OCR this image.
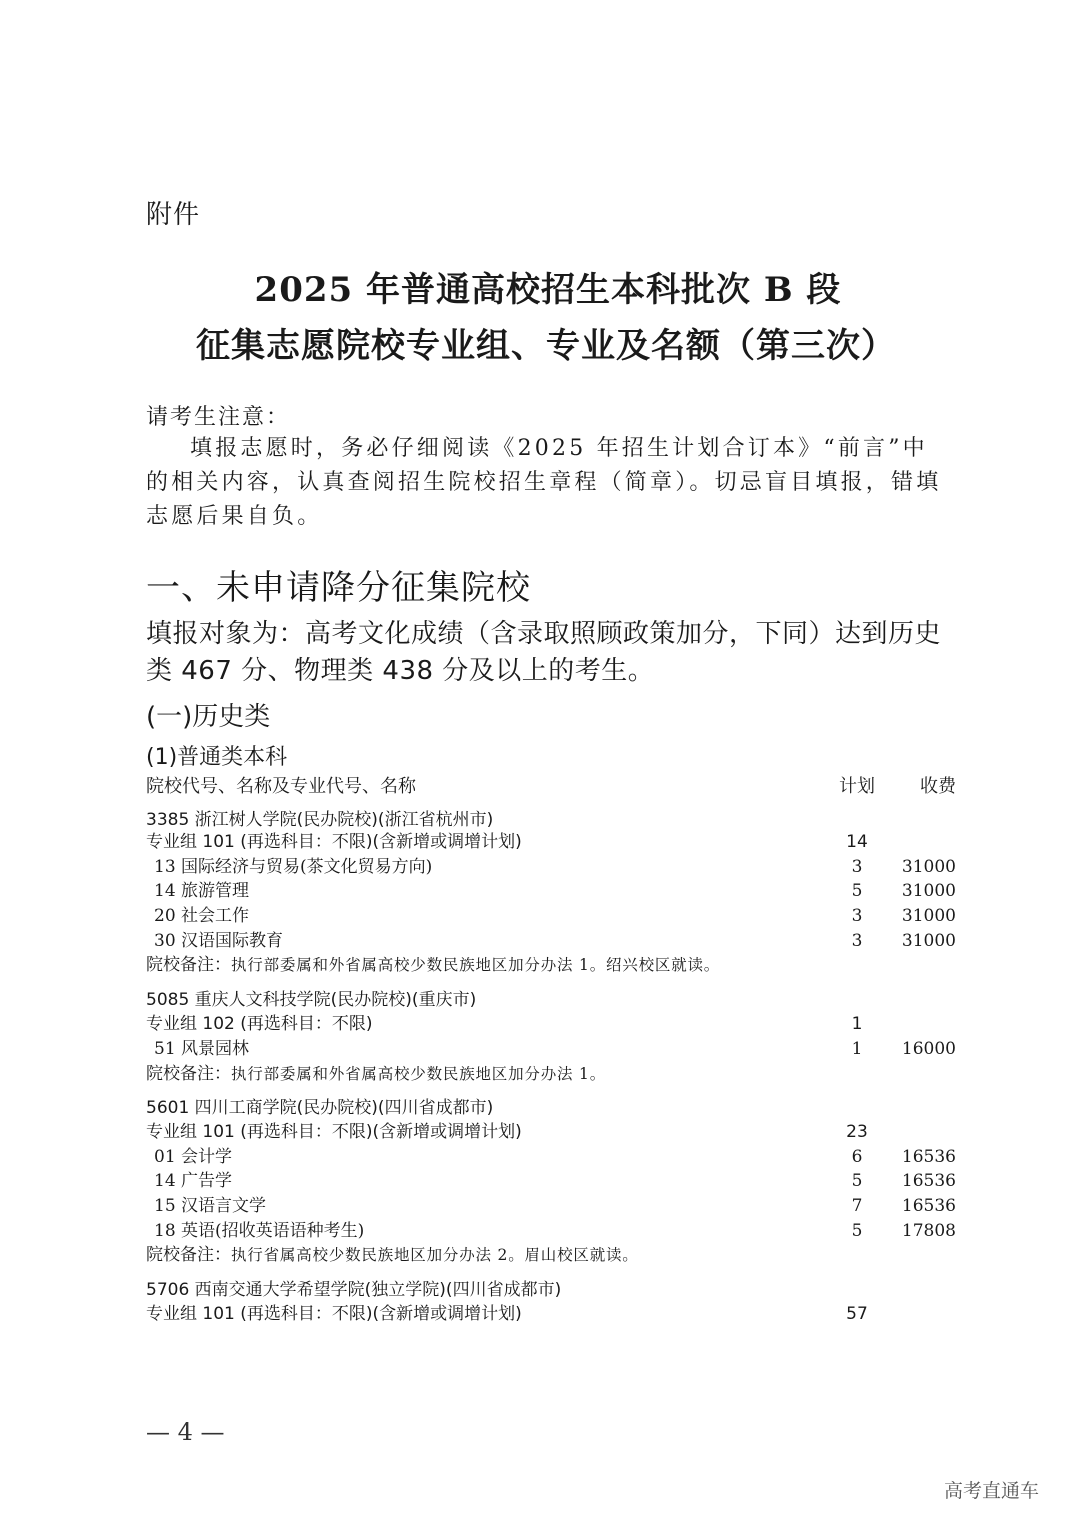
附件
2025 年普通高校招生本科批次 B 段
征集志愿院校专业组、专业及名额（第三次）
请考生注意：
填报志愿时，务必仔细阅读《2025 年招生计划合订本》“前言”中的相关内容，认真查阅招生院校招生章程（简章）。切忌盲目填报，错填志愿后果自负。
一、未申请降分征集院校
填报对象为：高考文化成绩（含录取照顾政策加分，下同）达到历史类 467 分、物理类 438 分及以上的考生。
(一)历史类
(1)普通类本科
院校代号、名称及专业代号、名称	计划	收费
3385 浙江树人学院(民办院校)(浙江省杭州市)
专业组 101 (再选科目：不限)(含新增或调增计划)	14
13 国际经济与贸易(茶文化贸易方向)	3	31000
14 旅游管理	5	31000
20 社会工作	3	31000
30 汉语国际教育	3	31000
院校备注：执行部委属和外省属高校少数民族地区加分办法 1。绍兴校区就读。
5085 重庆人文科技学院(民办院校)(重庆市)
专业组 102 (再选科目：不限)	1
51 风景园林	1	16000
院校备注：执行部委属和外省属高校少数民族地区加分办法 1。
5601 四川工商学院(民办院校)(四川省成都市)
专业组 101 (再选科目：不限)(含新增或调增计划)	23
01 会计学	6	16536
14 广告学	5	16536
15 汉语言文学	7	16536
18 英语(招收英语语种考生)	5	17808
院校备注：执行省属高校少数民族地区加分办法 2。眉山校区就读。
5706 西南交通大学希望学院(独立学院)(四川省成都市)
专业组 101 (再选科目：不限)(含新增或调增计划)	57
— 4 —
高考直通车
